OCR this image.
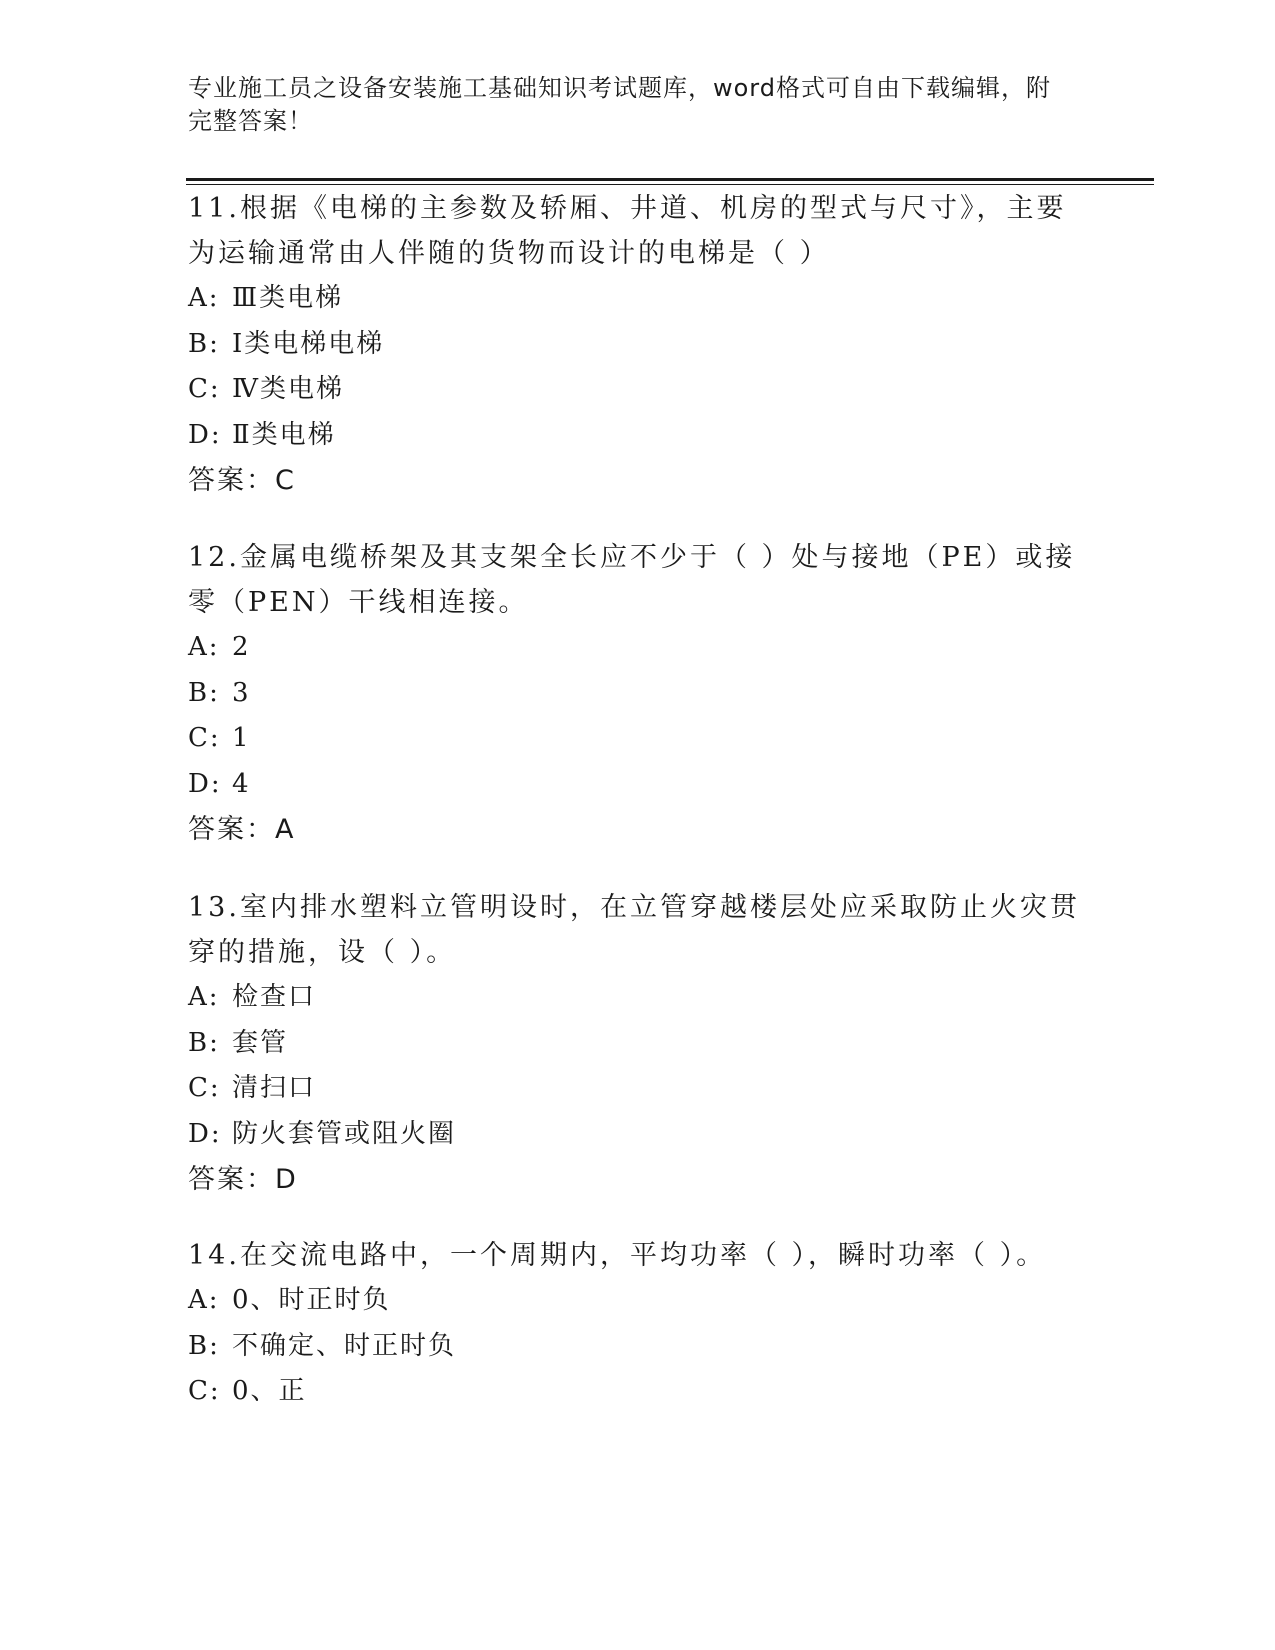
专业施工员之设备安装施工基础知识考试题库，word格式可自由下载编辑，附完整答案！

11.根据《电梯的主参数及轿厢、井道、机房的型式与尺寸》，主要为运输通常由人伴随的货物而设计的电梯是（ ）

A: Ⅲ类电梯

B: Ⅰ类电梯电梯

C: Ⅳ类电梯

D: Ⅱ类电梯

答案：C

12.金属电缆桥架及其支架全长应不少于（ ）处与接地（PE）或接零（PEN）干线相连接。

A: 2

B: 3

C: 1

D: 4

答案：A

13.室内排水塑料立管明设时，在立管穿越楼层处应采取防止火灾贯穿的措施，设（ ）。

A: 检查口

B: 套管

C: 清扫口

D: 防火套管或阻火圈

答案：D

14.在交流电路中，一个周期内，平均功率（ ），瞬时功率（ ）。

A: 0、时正时负

B: 不确定、时正时负

C: 0、正
